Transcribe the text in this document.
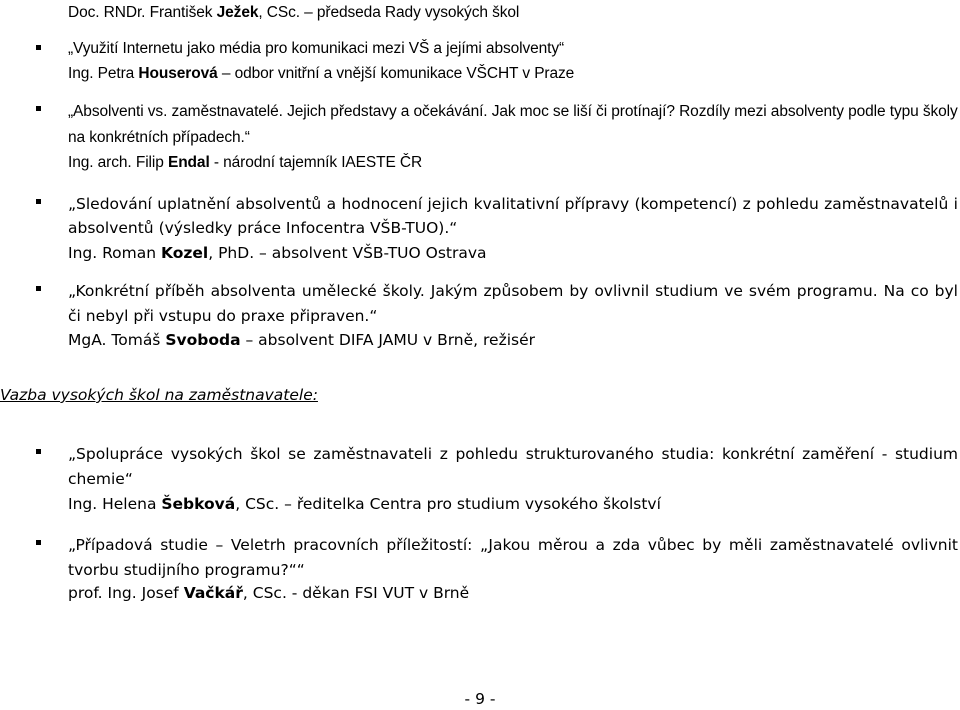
Doc. RNDr. František Ježek, CSc. – předseda Rady vysokých škol
„Využití Internetu jako média pro komunikaci mezi VŠ a jejími absolventy“
Ing. Petra Houserová – odbor vnitřní a vnější komunikace VŠCHT v Praze
„Absolventi vs. zaměstnavatelé. Jejich představy a očekávání. Jak moc se liší či protínají? Rozdíly mezi absolventy podle typu školy na konkrétních případech.“
Ing. arch. Filip Endal - národní tajemník IAESTE ČR
„Sledování uplatnění absolventů a hodnocení jejich kvalitativní přípravy (kompetencí) z pohledu zaměstnavatelů i absolventů (výsledky práce Infocentra VŠB-TUO).“
Ing. Roman Kozel, PhD. – absolvent VŠB-TUO Ostrava
„Konkrétní příběh absolventa umělecké školy. Jakým způsobem by ovlivnil studium ve svém programu. Na co byl či nebyl při vstupu do praxe připraven.“
MgA. Tomáš Svoboda – absolvent DIFA JAMU v Brně, režisér
Vazba vysokých škol na zaměstnavatele:
„Spolupráce vysokých škol se zaměstnavateli z pohledu strukturovaného studia: konkrétní zaměření - studium chemie“
Ing. Helena Šebková, CSc. – ředitelka Centra pro studium vysokého školství
„Případová studie – Veletrh pracovních příležitostí: „Jakou měrou a zda vůbec by měli zaměstnavatelé ovlivnit tvorbu studijního programu?““
prof. Ing. Josef Vačkář, CSc. - děkan FSI VUT v Brně
- 9 -
